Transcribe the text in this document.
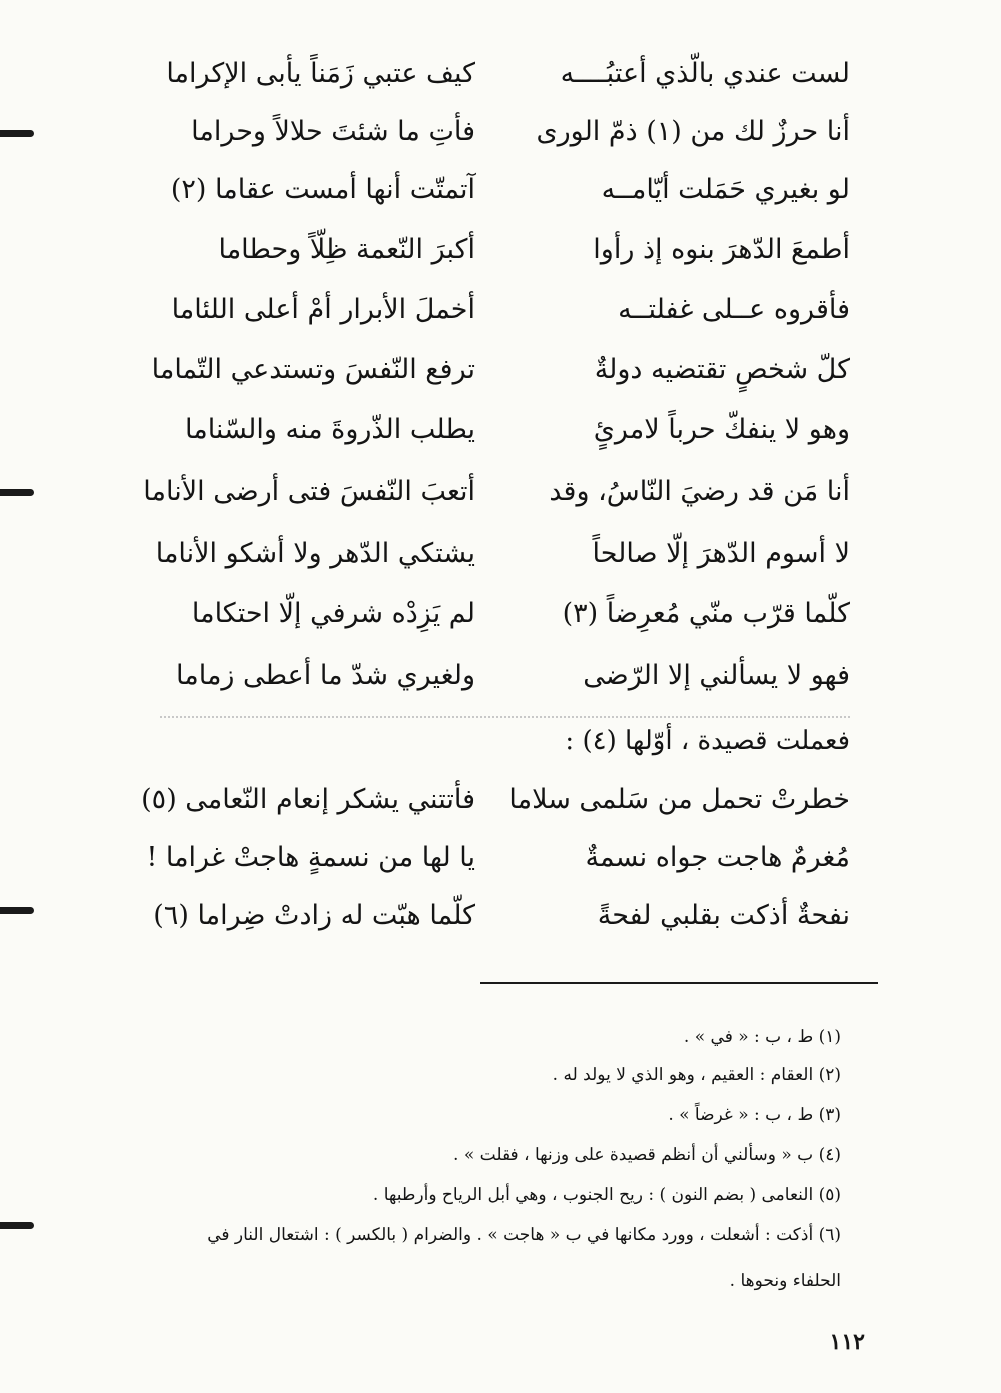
لست عندي بالّذي أعتبُــــه
كيف عتبي زَمَناً يأبى الإكراما
أنا حرزٌ لك من (١) ذمّ الورى
فأتِ ما شئتَ حلالاً وحراما
لو بغيري حَمَلت أيّامــه
آتمتّت أنها أمست عقاما (٢)
أطمعَ الدّهرَ بنوه إذ رأوا
أكبرَ النّعمة ظِلّاً وحطاما
فأقروه عــلى غفلتــه
أخملَ الأبرار أمْ أعلى اللئاما
كلّ شخصٍ تقتضيه دولةٌ
ترفع النّفسَ وتستدعي التّماما
وهو لا ينفكّ حرباً لامرئٍ
يطلب الذّروةَ منه والسّناما
أنا مَن قد رضيَ النّاسُ، وقد
أتعبَ النّفسَ فتى أرضى الأناما
لا أسوم الدّهرَ إلّا صالحاً
يشتكي الدّهر ولا أشكو الأناما
كلّما قرّب منّي مُعرِضاً (٣)
لم يَزِدْه شرفي إلّا احتكاما
فهو لا يسألني إلا الرّضى
ولغيري شدّ ما أعطى زماما
فعملت قصيدة ، أوّلها (٤) :
خطرتْ تحمل من سَلمى سلاما
فأتتني يشكر إنعام النّعامى (٥)
مُغرمٌ هاجت جواه نسمةٌ
يا لها من نسمةٍ هاجتْ غراما !
نفحةٌ أذكت بقلبي لفحةً
كلّما هبّت له زادتْ ضِراما (٦)
(١) ط ، ب : « في » .
(٢) العقام : العقيم ، وهو الذي لا يولد له .
(٣) ط ، ب : « غرضاً » .
(٤) ب « وسألني أن أنظم قصيدة على وزنها ، فقلت » .
(٥) النعامى ( بضم النون ) : ريح الجنوب ، وهي أبل الرياح وأرطبها .
(٦) أذكت : أشعلت ، وورد مكانها في ب « هاجت » . والضرام ( بالكسر ) : اشتعال النار في
الحلفاء ونحوها .
١١٢
